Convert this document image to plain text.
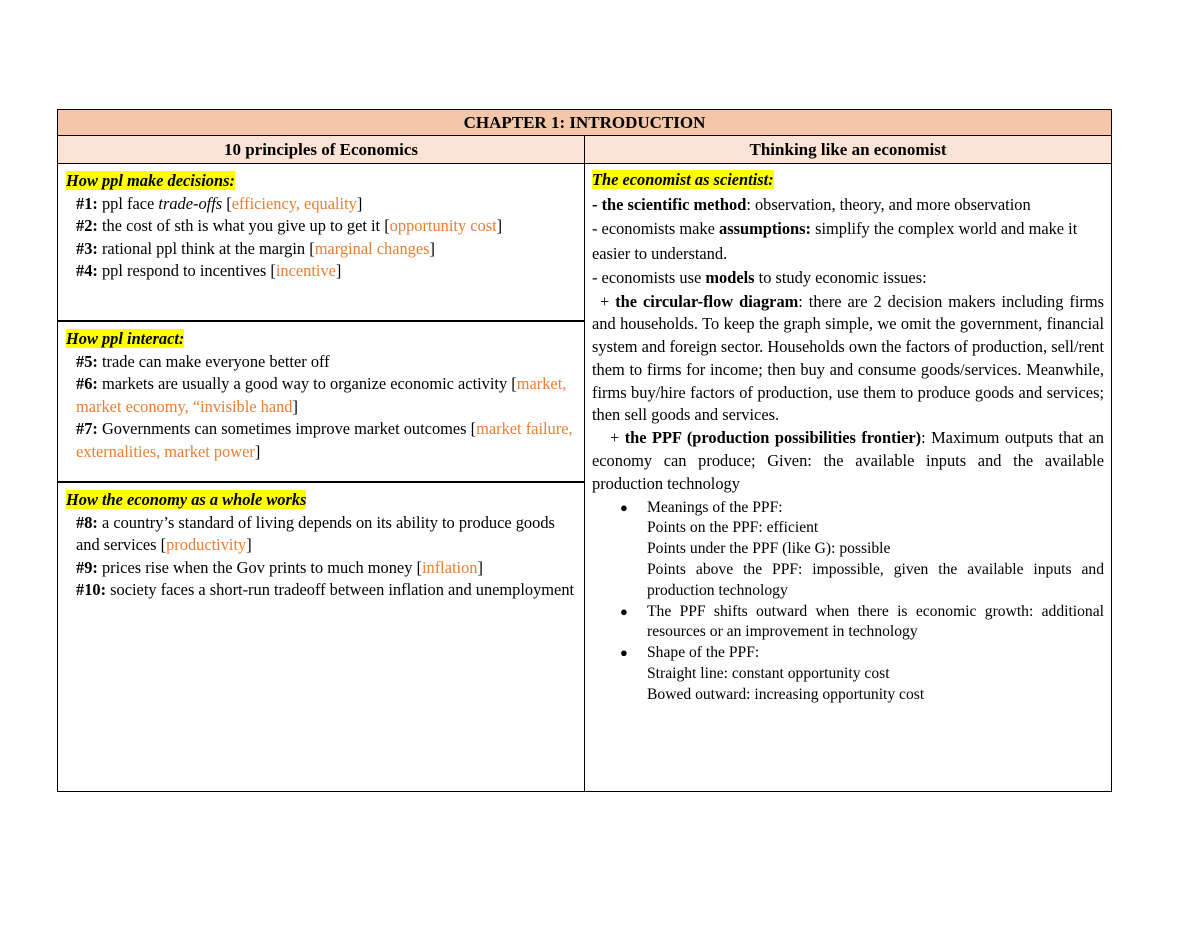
CHAPTER 1: INTRODUCTION
10 principles of Economics	Thinking like an economist

How ppl make decisions:

#1: ppl face trade-offs [efficiency, equality]

#2: the cost of sth is what you give up to get it [opportunity cost]

#3: rational ppl think at the margin [marginal changes]

#4: ppl respond to incentives [incentive]

How ppl interact:

#5: trade can make everyone better off

#6: markets are usually a good way to organize economic activity [market, market economy, “invisible hand]

#7: Governments can sometimes improve market outcomes [market failure, externalities, market power]

How the economy as a whole works

#8: a country’s standard of living depends on its ability to produce goods and services [productivity]

#9: prices rise when the Gov prints to much money [inflation]

#10: society faces a short-run tradeoff between inflation and unemployment

The economist as scientist:

- the scientific method: observation, theory, and more observation

- economists make assumptions: simplify the complex world and make it easier to understand.

- economists use models to study economic issues:

+ the circular-flow diagram: there are 2 decision makers including firms and households. To keep the graph simple, we omit the government, financial system and foreign sector. Households own the factors of production, sell/rent them to firms for income; then buy and consume goods/services. Meanwhile, firms buy/hire factors of production, use them to produce goods and services; then sell goods and services.

+ the PPF (production possibilities frontier): Maximum outputs that an economy can produce; Given: the available inputs and the available production technology

● Meanings of the PPF:
Points on the PPF: efficient
Points under the PPF (like G): possible
Points above the PPF: impossible, given the available inputs and production technology
● The PPF shifts outward when there is economic growth: additional resources or an improvement in technology
● Shape of the PPF:
Straight line: constant opportunity cost
Bowed outward: increasing opportunity cost
